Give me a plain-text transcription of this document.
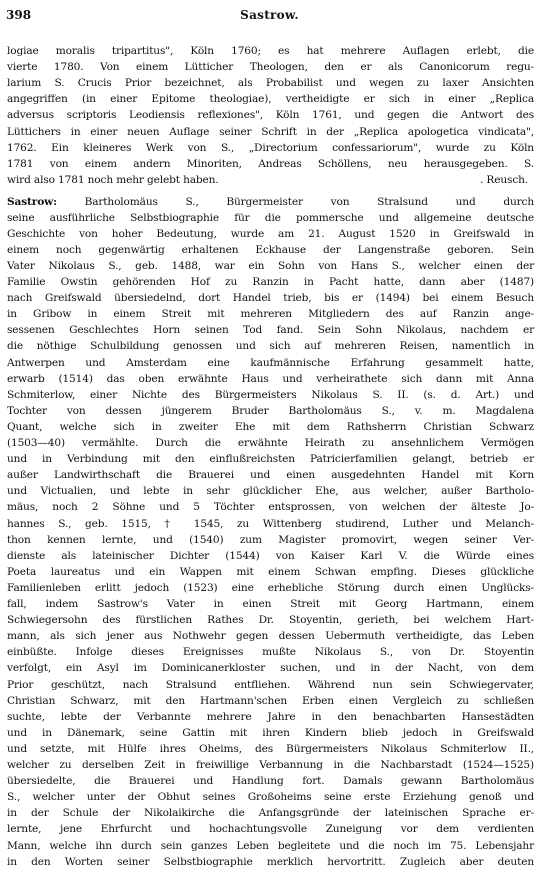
398	Sastrow.
logiae moralis tripartitus", Köln 1760; es hat mehrere Auflagen erlebt, die
vierte 1780. Von einem Lütticher Theologen, den er als Canonicorum regu-
larium S. Crucis Prior bezeichnet, als Probabilist und wegen zu laxer Ansichten
angegriffen (in einer Epitome theologiae), vertheidigte er sich in einer „Replica
adversus scriptoris Leodiensis reflexiones", Köln 1761, und gegen die Antwort des
Lüttichers in einer neuen Auflage seiner Schrift in der „Replica apologetica vindicata",
1762. Ein kleineres Werk von S., „Directorium confessariorum", wurde zu Köln
1781 von einem andern Minoriten, Andreas Schöllens, neu herausgegeben. S.
wird also 1781 noch mehr gelebt haben.	. Reusch.
Sastrow: Bartholomäus S., Bürgermeister von Stralsund und durch
seine ausführliche Selbstbiographie für die pommersche und allgemeine deutsche
Geschichte von hoher Bedeutung, wurde am 21. August 1520 in Greifswald in
einem noch gegenwärtig erhaltenen Eckhause der Langenstraße geboren. Sein
Vater Nikolaus S., geb. 1488, war ein Sohn von Hans S., welcher einen der
Familie Owstin gehörenden Hof zu Ranzin in Pacht hatte, dann aber (1487)
nach Greifswald übersiedelnd, dort Handel trieb, bis er (1494) bei einem Besuch
in Gribow in einem Streit mit mehreren Mitgliedern des auf Ranzin ange-
sessenen Geschlechtes Horn seinen Tod fand. Sein Sohn Nikolaus, nachdem er
die nöthige Schulbildung genossen und sich auf mehreren Reisen, namentlich in
Antwerpen und Amsterdam eine kaufmännische Erfahrung gesammelt hatte,
erwarb (1514) das oben erwähnte Haus und verheirathete sich dann mit Anna
Schmiterlow, einer Nichte des Bürgermeisters Nikolaus S. II. (s. d. Art.) und
Tochter von dessen jüngerem Bruder Bartholomäus S., v. m. Magdalena
Quant, welche sich in zweiter Ehe mit dem Rathsherrn Christian Schwarz
(1503—40) vermählte. Durch die erwähnte Heirath zu ansehnlichem Vermögen
und in Verbindung mit den einflußreichsten Patricierfamilien gelangt, betrieb er
außer Landwirthschaft die Brauerei und einen ausgedehnten Handel mit Korn
und Victualien, und lebte in sehr glücklicher Ehe, aus welcher, außer Bartholo-
mäus, noch 2 Söhne und 5 Töchter entsprossen, von welchen der älteste Jo-
hannes S., geb. 1515, † 1545, zu Wittenberg studirend, Luther und Melanch-
thon kennen lernte, und (1540) zum Magister promovirt, wegen seiner Ver-
dienste als lateinischer Dichter (1544) von Kaiser Karl V. die Würde eines
Poeta laureatus und ein Wappen mit einem Schwan empfing. Dieses glückliche
Familienleben erlitt jedoch (1523) eine erhebliche Störung durch einen Unglücks-
fall, indem Sastrow's Vater in einen Streit mit Georg Hartmann, einem
Schwiegersohn des fürstlichen Rathes Dr. Stoyentin, gerieth, bei welchem Hart-
mann, als sich jener aus Nothwehr gegen dessen Uebermuth vertheidigte, das Leben
einbüßte. Infolge dieses Ereignisses mußte Nikolaus S., von Dr. Stoyentin
verfolgt, ein Asyl im Dominicanerkloster suchen, und in der Nacht, von dem
Prior geschützt, nach Stralsund entfliehen. Während nun sein Schwiegervater,
Christian Schwarz, mit den Hartmann'schen Erben einen Vergleich zu schließen
suchte, lebte der Verbannte mehrere Jahre in den benachbarten Hansestädten
und in Dänemark, seine Gattin mit ihren Kindern blieb jedoch in Greifswald
und setzte, mit Hülfe ihres Oheims, des Bürgermeisters Nikolaus Schmiterlow II.,
welcher zu derselben Zeit in freiwillige Verbannung in die Nachbarstadt (1524—1525)
übersiedelte, die Brauerei und Handlung fort. Damals gewann Bartholomäus
S., welcher unter der Obhut seines Großoheims seine erste Erziehung genoß und
in der Schule der Nikolaikirche die Anfangsgründe der lateinischen Sprache er-
lernte, jene Ehrfurcht und hochachtungsvolle Zuneigung vor dem verdienten
Mann, welche ihn durch sein ganzes Leben begleitete und die noch im 75. Lebensjahr
in den Worten seiner Selbstbiographie merklich hervortritt. Zugleich aber deuten
